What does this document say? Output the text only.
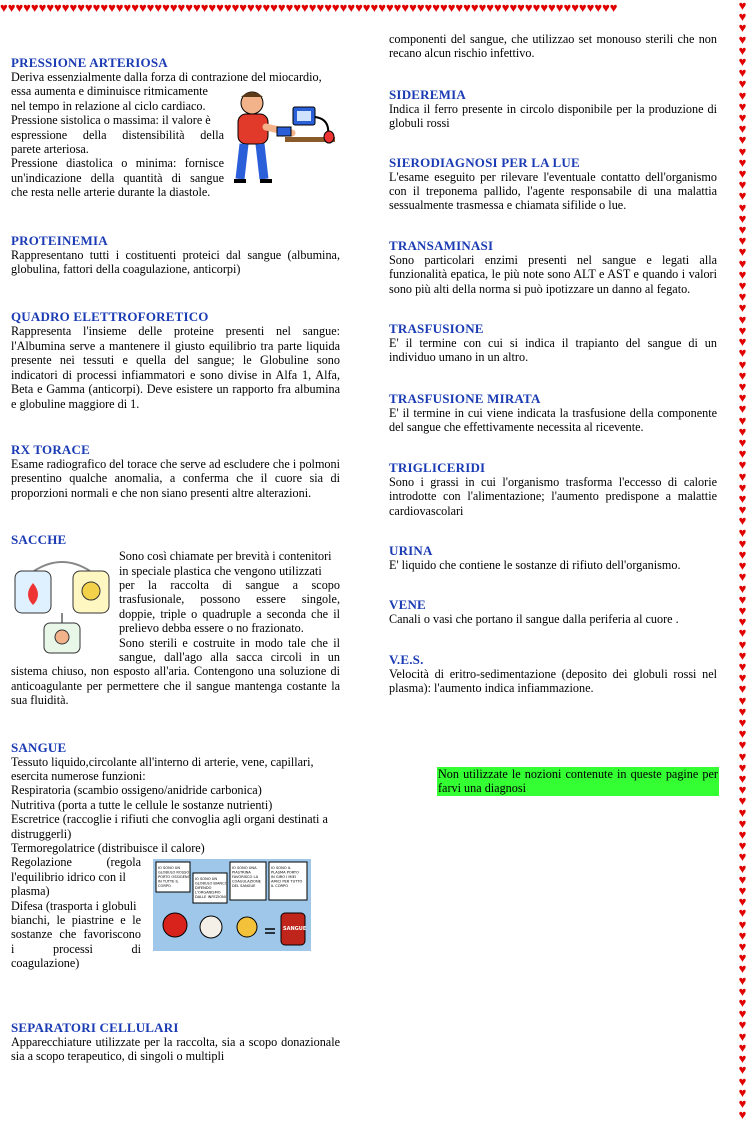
♥♥♥♥♥♥♥♥♥♥♥♥♥♥♥♥♥♥♥♥♥♥♥♥♥♥♥♥♥♥♥♥♥♥♥♥♥♥♥♥♥♥♥♥♥♥♥♥♥♥♥♥♥♥♥♥♥♥♥♥♥♥♥♥♥♥♥♥♥♥♥♥♥♥♥♥♥♥♥♥	♥
♥
♥
♥
♥
♥
♥
♥
♥
♥
♥
♥
♥
♥
♥
♥
♥
♥
♥
♥
♥
♥
♥
♥
♥
♥
♥
♥
♥
♥
♥
♥
♥
♥
♥
♥
♥
♥
♥
♥
♥
♥
♥
♥
♥
♥
♥
♥
♥
♥
♥
♥
♥
♥
♥
♥
♥
♥
♥
♥
♥
♥
♥
♥
♥
♥
♥
♥
♥
♥
♥
♥
♥
♥
♥
♥
♥
♥
♥
♥
♥
♥
♥
♥
♥
♥
♥
♥
♥
♥
♥
♥
♥
♥
♥
♥
♥
♥
♥
♥
PRESSIONE ARTERIOSA

Deriva essenzialmente dalla forza di contrazione del miocardio,
essa aumenta e diminuisce ritmicamente
nel tempo in relazione al ciclo cardiaco.
Pressione sistolica o massima: il valore è
espressione della distensibilità della
parete arteriosa.
Pressione diastolica o minima: fornisce
un'indicazione della quantità di sangue
che resta nelle arterie durante la diastole.

PROTEINEMIA

Rappresentano tutti i costituenti proteici dal sangue (albumina, globulina, fattori della coagulazione, anticorpi)

QUADRO ELETTROFORETICO

Rappresenta l'insieme delle proteine presenti nel sangue: l'Albumina serve a mantenere il giusto equilibrio tra parte liquida presente nei tessuti e quella del sangue; le Globuline sono indicatori di processi infiammatori e sono divise in Alfa 1, Alfa, Beta e Gamma (anticorpi). Deve esistere un rapporto fra albumina e globuline maggiore di 1.

RX TORACE

Esame radiografico del torace che serve ad escludere che i polmoni presentino qualche anomalia, a conferma che il cuore sia di proporzioni normali e che non siano presenti altre alterazioni.

SACCHE

Sono così chiamate per brevità i contenitori
in speciale plastica che vengono utilizzati
per la raccolta di sangue a scopo
trasfusionale, possono essere singole,
doppie, triple o quadruple a seconda che il
prelievo debba essere o no frazionato.
Sono sterili e costruite in modo tale che il
sangue, dall'ago alla sacca circoli in un

sistema chiuso, non esposto all'aria. Contengono una soluzione di anticoagulante per permettere che il sangue mantenga costante la sua fluidità.

SANGUE

Tessuto liquido,circolante all'interno di arterie, vene, capillari,
esercita numerose funzioni:
Respiratoria (scambio ossigeno/anidride carbonica)
Nutritiva (porta a tutte le cellule le sostanze nutrienti)
Escretrice (raccoglie i rifiuti che convoglia agli organi destinati a
distruggerli)
Termoregolatrice (distribuisce il calore)

Regolazione (regola
l'equilibrio idrico con il
plasma)
Difesa (trasporta i globuli
bianchi, le piastrine e le
sostanze che favoriscono
i processi di
coagulazione)

SEPARATORI CELLULARI

Apparecchiature utilizzate per la raccolta, sia a scopo donazionale sia a scopo terapeutico, di singoli o multipli

componenti del sangue, che utilizzao set monouso sterili che non recano alcun rischio infettivo.

SIDEREMIA

Indica il ferro presente in circolo disponibile per la produzione di globuli rossi

SIERODIAGNOSI PER LA LUE

L'esame eseguito per rilevare l'eventuale contatto dell'organismo con il treponema pallido, l'agente responsabile di una malattia sessualmente trasmessa e chiamata sifilide o lue.

TRANSAMINASI

Sono particolari enzimi presenti nel sangue e legati alla funzionalità epatica, le più note sono ALT e AST e quando i valori sono più alti della norma si può ipotizzare un danno al fegato.

TRASFUSIONE

E' il termine con cui si indica il trapianto del sangue di un individuo umano in un altro.

TRASFUSIONE MIRATA

E' il termine in cui viene indicata la trasfusione della componente del sangue che effettivamente necessita al ricevente.

TRIGLICERIDI

Sono i grassi in cui l'organismo trasforma l'eccesso di calorie introdotte con l'alimentazione; l'aumento predispone a malattie cardiovascolari

URINA

E' liquido che contiene le sostanze di rifiuto dell'organismo.

VENE

Canali o vasi che portano il sangue dalla periferia al cuore .

V.E.S.

Velocità di eritro-sedimentazione (deposito dei globuli rossi nel plasma): l'aumento indica infiammazione.

Non utilizzate le nozioni contenute in queste pagine per farvi una diagnosi
IO SONO UN GLOBULO ROSSO PORTO OSSIGENO IN TUTTE IL CORPO
IO SONO UN GLOBULO BIANCO DIFENDO L'ORGANISMO DALLE INFEZIONI
IO SONO UNA PIASTRINA FAVORISCO LA COAGULAZIONE DEL SANGUE
IO SONO IL PLASMA PORTO IN GIRO I MIEI AMICI PER TUTTO IL CORPO
SANGUE
